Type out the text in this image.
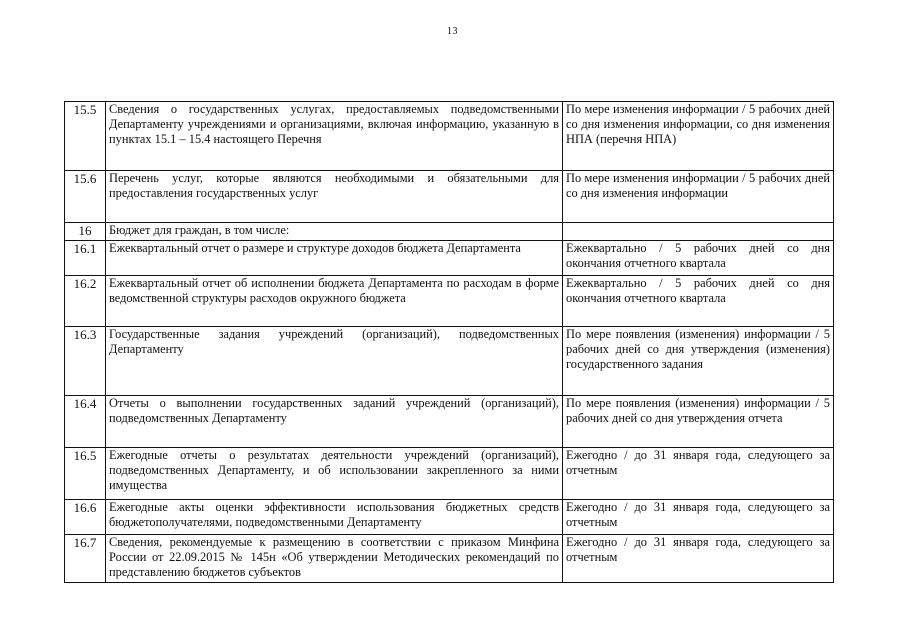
13
15.5	Сведения о государственных услугах, предоставляемых подведомственными Департаменту учреждениями и организациями, включая информацию, указанную в пунктах 15.1 – 15.4 настоящего Перечня	По мере изменения информации / 5 рабочих дней со дня изменения информации, со дня изменения НПА (перечня НПА)
15.6	Перечень услуг, которые являются необходимыми и обязательными для предоставления государственных услуг	По мере изменения информации / 5 рабочих дней со дня изменения информации
16	Бюджет для граждан, в том числе:	
16.1	Ежеквартальный отчет о размере и структуре доходов бюджета Департамента	Ежеквартально / 5 рабочих дней со дня окончания отчетного квартала
16.2	Ежеквартальный отчет об исполнении бюджета Департамента по расходам в форме ведомственной структуры расходов окружного бюджета	Ежеквартально / 5 рабочих дней со дня окончания отчетного квартала
16.3	Государственные задания учреждений (организаций), подведомственных Департаменту	По мере появления (изменения) информации / 5 рабочих дней со дня утверждения (изменения) государственного задания
16.4	Отчеты о выполнении государственных заданий учреждений (организаций), подведомственных Департаменту	По мере появления (изменения) информации / 5 рабочих дней со дня утверждения отчета
16.5	Ежегодные отчеты о результатах деятельности учреждений (организаций), подведомственных Департаменту, и об использовании закрепленного за ними имущества	Ежегодно / до 31 января года, следующего за отчетным
16.6	Ежегодные акты оценки эффективности использования бюджетных средств бюджетополучателями, подведомственными Департаменту	Ежегодно / до 31 января года, следующего за отчетным
16.7	Сведения, рекомендуемые к размещению в соответствии с приказом Минфина России от 22.09.2015 № 145н «Об утверждении Методических рекомендаций по представлению бюджетов субъектов	Ежегодно / до 31 января года, следующего за отчетным
